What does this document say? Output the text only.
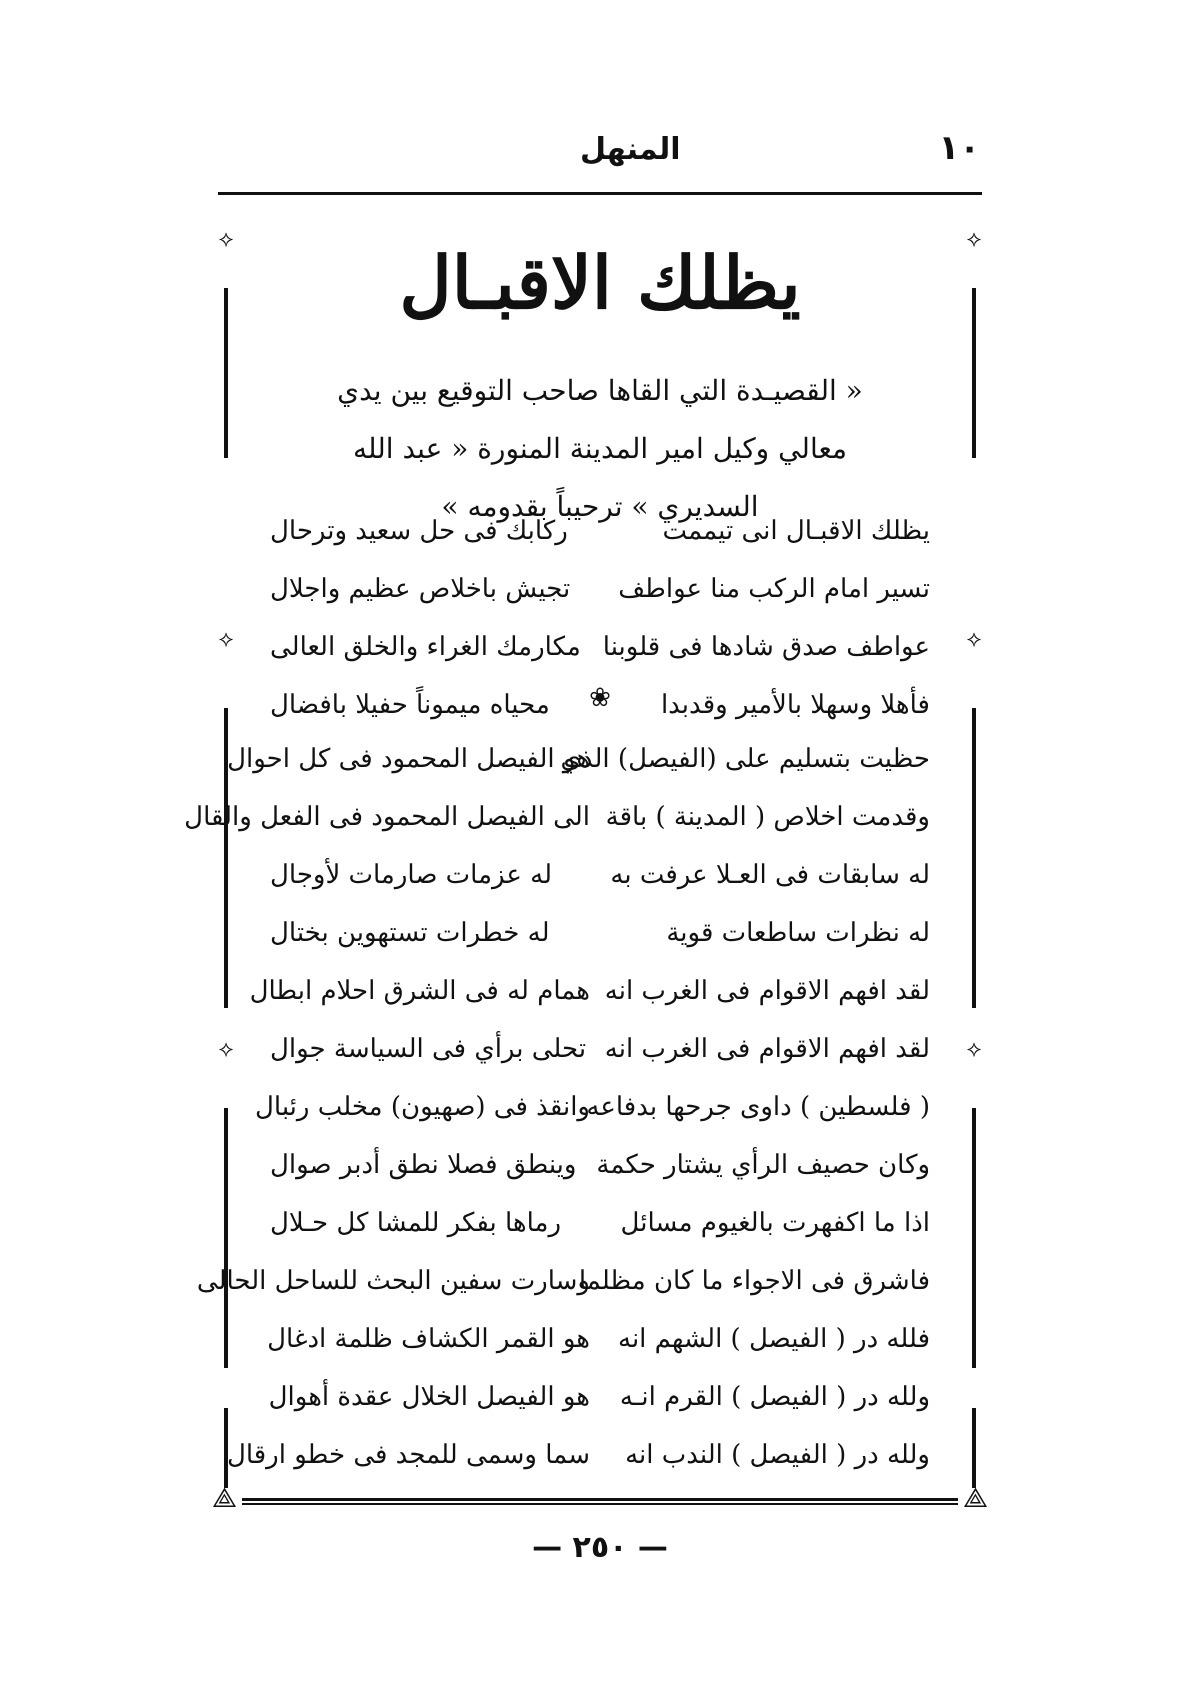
١٠
المنهل
⟡
⟡
⟡
⟡
⟡
⟡
⟁	⟁
يظلك الاقبـال
« القصيـدة التي القاها صاحب التوقيع بين يدي
معالي وكيل امير المدينة المنورة « عبد الله
السديري » ترحيباً بقدومه »
يظلك الاقبـال انى تيممت
ركابك فى حل سعيد وترحال
تسير امام الركب منا عواطف
تجيش باخلاص عظيم واجلال
عواطف صدق شادها فى قلوبنا
مكارمك الغراء والخلق العالى
فأهلا وسهلا بالأمير وقدبدا
محياه ميموناً حفيلا بافضال	❀
حظيت بتسليم على (الفيصل) الذي
هو الفيصل المحمود فى كل احوال
وقدمت اخلاص ( المدينة ) باقة
الى الفيصل المحمود فى الفعل والقال
له سابقات فى العـلا عرفت به
له عزمات صارمات لأوجال
له نظرات ساطعات قوية
له خطرات تستهوين بختال
لقد افهم الاقوام فى الغرب انه
همام له فى الشرق احلام ابطال
لقد افهم الاقوام فى الغرب انه
تحلى برأي فى السياسة جوال
( فلسطين ) داوى جرحها بدفاعه
وانقذ فى (صهيون) مخلب رئبال
وكان حصيف الرأي يشتار حكمة
وينطق فصلا نطق أدبر صوال
اذا ما اكفهرت بالغيوم مسائل
رماها بفكر للمشا كل حـلال
فاشرق فى الاجواء ما كان مظلما
وسارت سفين البحث للساحل الحالى
فلله در ( الفيصل ) الشهم انه
هو القمر الكشاف ظلمة ادغال
ولله در ( الفيصل ) القرم انـه
هو الفيصل الخلال عقدة أهوال
ولله در ( الفيصل ) الندب انه
سما وسمى للمجد فى خطو ارقال
— ٢٥٠ —
